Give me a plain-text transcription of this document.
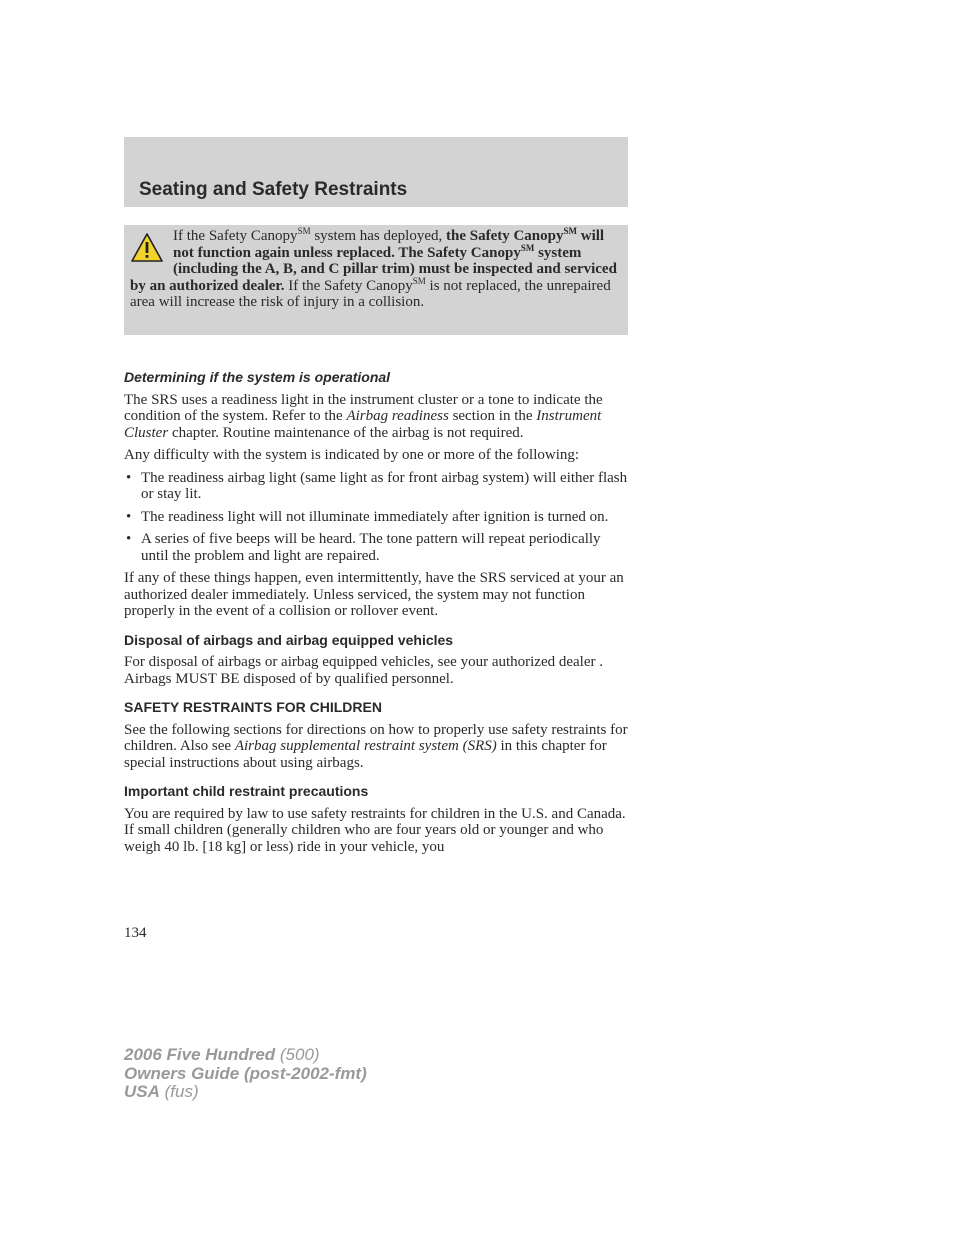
Seating and Safety Restraints
If the Safety Canopy℠ system has deployed, the Safety Canopy℠ will not function again unless replaced. The Safety Canopy℠ system (including the A, B, and C pillar trim) must be inspected and serviced by an authorized dealer. If the Safety Canopy℠ is not replaced, the unrepaired area will increase the risk of injury in a collision.
Determining if the system is operational

The SRS uses a readiness light in the instrument cluster or a tone to indicate the condition of the system. Refer to the Airbag readiness section in the Instrument Cluster chapter. Routine maintenance of the airbag is not required.

Any difficulty with the system is indicated by one or more of the following:

• The readiness airbag light (same light as for front airbag system) will either flash or stay lit.
• The readiness light will not illuminate immediately after ignition is turned on.
• A series of five beeps will be heard. The tone pattern will repeat periodically until the problem and light are repaired.

If any of these things happen, even intermittently, have the SRS serviced at your an authorized dealer immediately. Unless serviced, the system may not function properly in the event of a collision or rollover event.

Disposal of airbags and airbag equipped vehicles

For disposal of airbags or airbag equipped vehicles, see your authorized dealer . Airbags MUST BE disposed of by qualified personnel.

SAFETY RESTRAINTS FOR CHILDREN

See the following sections for directions on how to properly use safety restraints for children. Also see Airbag supplemental restraint system (SRS) in this chapter for special instructions about using airbags.

Important child restraint precautions

You are required by law to use safety restraints for children in the U.S. and Canada. If small children (generally children who are four years old or younger and who weigh 40 lb. [18 kg] or less) ride in your vehicle, you

134
2006 Five Hundred (500)
Owners Guide (post-2002-fmt)
USA (fus)
